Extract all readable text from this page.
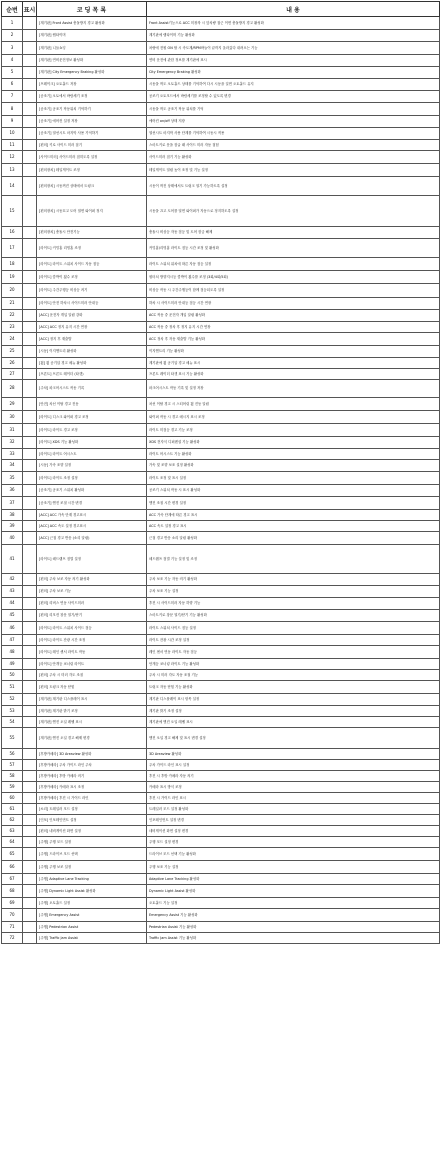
순번	표시	코 딩 목 록	내 용
1		[계기판] Front Assist 충돌방지 경고 활성화	Front Assist기능으로 ACC 미장착 시 앞차량 접근 이면 충돌방지 경고 활성화
2		[계기판] 랩타이머	계기판에 랩타이머 기능 활성화
3		[계기판] 니들쇼잉	차량에 전원 ON 할 시 속도계/RPM바늘이 끝까지 올라갔다 내려오는 기능
4		[계기판] 연비운전정보 활성화	연비 운전에 관한 정보를 계기판에 표시
5		[계기판] City Emergency Braking 활성화	City Emergency Braking 활성화
6		[프레이크] 오토홀드 저장	시동을 꺼도 오토홀드 상태를 기억하여 다시 시동을 걸면 오토홀드 유지
7		[공조기] 오토에서 바람세기 조정	공조기 오토모드에서 바람세기를 조정할 수 있도록 변경
8		[공조기] 공조기 작동위치 기억하기	시동을 꺼도 공조기 작동 위치를 기억
9		[공조기] 에어컨 설정 저장	에어컨 on/off 상태 저장
10		[공조기] 열선시트 마지막 사용 기억하기	열선시트 마지막 사용 단계를 기억하여 시동시 적용
11		[편의] 키로 사이드 미러 접기	스마트키로 문을 잠글 때 사이드 미러 자동 접힘
12		[사이드미러] 사이드미러 접히도록 설정	사이드미러 접기 기능 활성화
13		[편의장치] 테일게이트 조정	테일게이트 열림 높이 조정 및 기능 설정
14		[편의장치] 시동꺼진 상태에서 트렁크	시동이 꺼진 상태에서도 트렁크 열기 가능하도록 설정
15		[편의장치] 시동끄고 도어 열면 와이퍼 정지	시동을 끄고 도어를 열면 와이퍼가 자동으로 정지하도록 설정
16		[편의장치] 충돌시 안전기능	충돌시 비상등 자동 점등 및 도어 잠금 해제
17		[라이트] 커밍홈 리빙홈 조정	커밍홈/리빙홈 라이트 점등 시간 조정 및 활성화
18		[라이트] 라이트 스위치 사이드 자동 점등	라이트 스위치 위치에 따른 자동 점등 설정
19		[라이트] 깜박이 횟수 조정	원터치 방향지시등 깜박이 횟수를 조정 (3회/4회/5회)
20		[라이트] 주간주행등 비상등 켜기	비상등 작동 시 주간주행등이 함께 점등되도록 설정
21		[라이트] 안전 하차시 사이드미러 안내등	하차 시 사이드미러 안내등 점등 시간 연장
22		[ACC] 운전자 개입 알림 강화	ACC 작동 중 운전자 개입 알림 활성화
23		[ACC] ACC 정지 유지 시간 연장	ACC 작동 중 정차 후 정지 유지 시간 연장
24		[ACC] 정지 후 재출발	ACC 정차 후 자동 재출발 기능 활성화
25		[시동] 이지엔트리 활성화	이지엔트리 기능 활성화
26		[휠] 휠 공기압 경고 메뉴 활성화	계기판에 휠 공기압 경고 메뉴 표시
27		[프론트] 프론트 레이더 (타겟)	프론트 레이더 타겟 표시 기능 활성화
28		[주차] 파크어시스트 작동 기록	파크어시스트 작동 기록 및 설정 저장
29		[안전] 차선 이탈 경고 진동	차선 이탈 경고 시 스티어링 휠 진동 알림
30		[라이트] 디스크 와이퍼 경고 조정	와이퍼 작동 시 경고 메시지 표시 조정
31		[라이트] 라이트 경고 조정	라이트 미점등 경고 기능 조정
32		[라이트] XDS 기능 활성화	XDS 전자식 디퍼렌셜 기능 활성화
33		[라이트] 라이트 어시스트	라이트 어시스트 기능 활성화
34		[시동] 가속 조향 설정	가속 및 조향 보조 설정 활성화
35		[라이트] 라이트 조정 설정	라이트 조정 및 표시 설정
36		[공조기] 공조기 스위치 활성화	공조기 스위치 작동 시 표시 활성화
37		[공조기] 엔진 조절 시간 변경	엔진 조절 시간 변경 설정
38		[ACC] ACC 가속 단계 경고표시	ACC 가속 단계에 따른 경고 표시
39		[ACC] ACC 속도 설정 경고표시	ACC 속도 설정 경고 표시
40		[ACC] 근접 경고 반응 (소리 알림)	근접 경고 반응 소리 알림 활성화
41		[라이트] 헤드램프 점멸 설정	헤드램프 점멸 기능 설정 및 조정
42		[편의] 주차 보조 자동 켜기 활성화	주차 보조 기능 자동 켜기 활성화
43		[편의] 주차 보조 기능	주차 보조 기능 설정
44		[편의] 리버스 연동 사이드미러	후진 시 사이드미러 자동 하향 기능
45		[편의] 리모컨 창문 열기/닫기	스마트키로 창문 열기/닫기 기능 활성화
46		[라이트] 라이트 스위치 사이드 점등	라이트 스위치 사이드 점등 설정
47		[라이트] 라이트 잔광 시간 조정	라이트 잔광 시간 조정 설정
48		[라이트] 레인 센서 라이트 작동	레인 센서 연동 라이트 자동 점등
49		[라이트] 안개등 코너링 라이트	안개등 코너링 라이트 기능 활성화
50		[편의] 주차 시 미러 각도 조절	주차 시 미러 각도 자동 조절 기능
51		[편의] 트렁크 자동 닫힘	트렁크 자동 닫힘 기능 활성화
52		[계기판] 계기판 디스플레이 표시	계기판 디스플레이 표시 항목 설정
53		[계기판] 계기판 밝기 조정	계기판 밝기 조정 설정
54		[계기판] 엔진 오일 레벨 표시	계기판에 엔진 오일 레벨 표시
55		[계기판] 엔진 오일 경고 해제 변경	엔진 오일 경고 해제 및 표시 변경 설정
56		[후방카메라] 3D Areaview 활성화	3D Areaview 활성화
57		[후방카메라] 주차 가이드 라인 주차	주차 가이드 라인 표시 설정
58		[후방카메라] 후방 카메라 켜기	후진 시 후방 카메라 자동 켜기
59		[후방카메라] 카메라 표시 조정	카메라 표시 방식 조정
60		[후방카메라] 후진 시 가이드 라인	후진 시 가이드 라인 표시
61		[소리] 트레일러 모드 설정	트레일러 모드 설정 활성화
62		[인포] 인포테인먼트 설정	인포테인먼트 설정 변경
63		[편의] 네비게이션 화면 설정	네비게이션 화면 설정 변경
64		[주행] 주행 모드 설정	주행 모드 설정 변경
65		[주행] 드라이브 모드 선택	드라이브 모드 선택 기능 활성화
66		[주행] 주행 보조 설정	주행 보조 기능 설정
67		[주행] Adaptive Lane Tracking	Adaptive Lane Tracking 활성화
68		[주행] Dynamic Light Assist 활성화	Dynamic Light Assist 활성화
69		[주행] 오토홀드 설정	오토홀드 기능 설정
70		[주행] Emergency Assist	Emergency Assist 기능 활성화
71		[주행] Pedestrian Assist	Pedestrian Assist 기능 활성화
72		[주행] Traffic Jam Assist	Traffic Jam Assist 기능 활성화
